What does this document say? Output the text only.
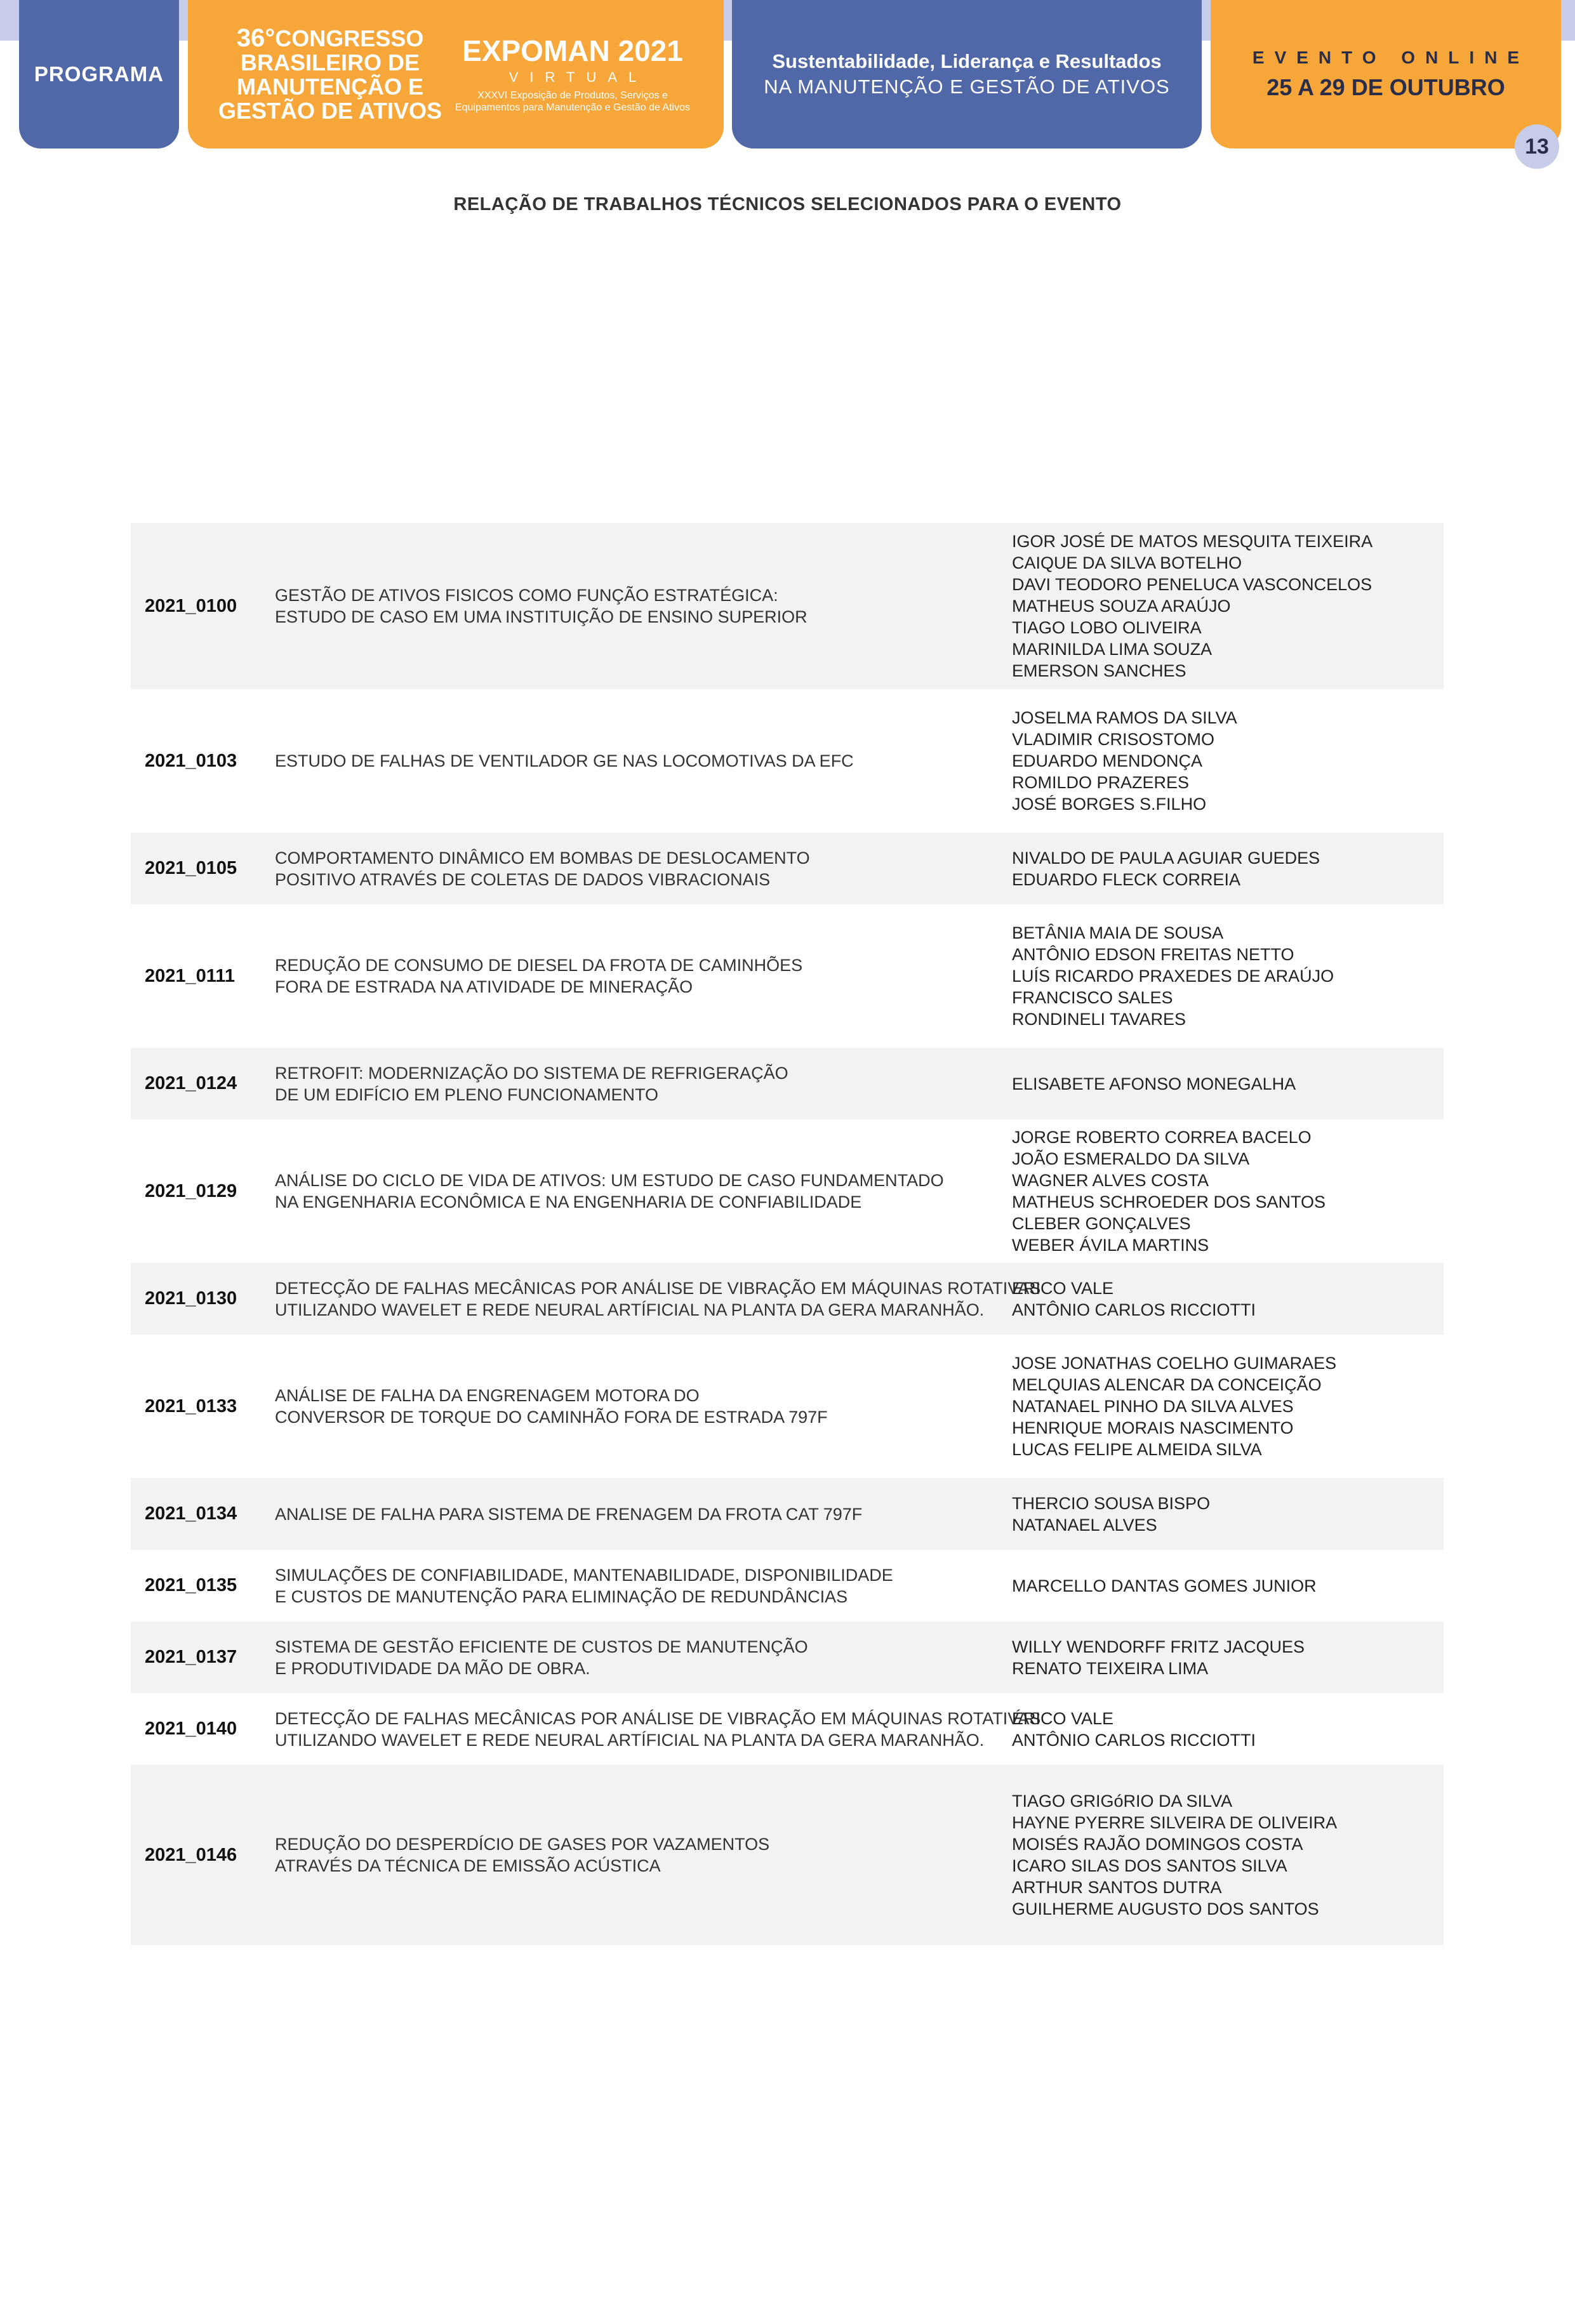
PROGRAMA
36°CONGRESSO
BRASILEIRO DE
MANUTENÇÃO E
GESTÃO DE ATIVOS
EXPOMAN 2021
VIRTUAL
XXXVI Exposição de Produtos, Serviços e Equipamentos para Manutenção e Gestão de Ativos
Sustentabilidade, Liderança e Resultados
NA MANUTENÇÃO E GESTÃO DE ATIVOS
EVENTO ONLINE
25 A 29 DE OUTUBRO
13
RELAÇÃO DE TRABALHOS TÉCNICOS SELECIONADOS PARA O EVENTO
2021_0100
GESTÃO DE ATIVOS FISICOS COMO FUNÇÃO ESTRATÉGICA:
ESTUDO DE CASO EM UMA INSTITUIÇÃO DE ENSINO SUPERIOR
IGOR JOSÉ DE MATOS MESQUITA TEIXEIRA
CAIQUE DA SILVA BOTELHO
DAVI TEODORO PENELUCA VASCONCELOS
MATHEUS SOUZA ARAÚJO
TIAGO LOBO OLIVEIRA
MARINILDA LIMA SOUZA
EMERSON SANCHES
2021_0103	ESTUDO DE FALHAS DE VENTILADOR GE NAS LOCOMOTIVAS DA EFC
JOSELMA RAMOS DA SILVA
VLADIMIR CRISOSTOMO
EDUARDO MENDONÇA
ROMILDO PRAZERES
JOSÉ BORGES S.FILHO
2021_0105
COMPORTAMENTO DINÂMICO EM BOMBAS DE DESLOCAMENTO
POSITIVO ATRAVÉS DE COLETAS DE DADOS VIBRACIONAIS
NIVALDO DE PAULA AGUIAR GUEDES
EDUARDO FLECK CORREIA
2021_0111
REDUÇÃO DE CONSUMO DE DIESEL DA FROTA DE CAMINHÕES
FORA DE ESTRADA NA ATIVIDADE DE MINERAÇÃO
BETÂNIA MAIA DE SOUSA
ANTÔNIO EDSON FREITAS NETTO
LUÍS RICARDO PRAXEDES DE ARAÚJO
FRANCISCO SALES
RONDINELI TAVARES
2021_0124
RETROFIT: MODERNIZAÇÃO DO SISTEMA DE REFRIGERAÇÃO
DE UM EDIFÍCIO EM PLENO FUNCIONAMENTO
ELISABETE AFONSO MONEGALHA
2021_0129
ANÁLISE DO CICLO DE VIDA DE ATIVOS: UM ESTUDO DE CASO FUNDAMENTADO
NA ENGENHARIA ECONÔMICA E NA ENGENHARIA DE CONFIABILIDADE
JORGE ROBERTO CORREA BACELO
JOÃO ESMERALDO DA SILVA
WAGNER ALVES COSTA
MATHEUS SCHROEDER DOS SANTOS
CLEBER GONÇALVES
WEBER ÁVILA MARTINS
2021_0130
DETECÇÃO DE FALHAS MECÂNICAS POR ANÁLISE DE VIBRAÇÃO EM MÁQUINAS ROTATIVAS
UTILIZANDO WAVELET E REDE NEURAL ARTÍFICIAL NA PLANTA DA GERA MARANHÃO.
ERICO VALE
ANTÔNIO CARLOS RICCIOTTI
2021_0133
ANÁLISE DE FALHA DA ENGRENAGEM MOTORA DO
CONVERSOR DE TORQUE DO CAMINHÃO FORA DE ESTRADA 797F
JOSE JONATHAS COELHO GUIMARAES
MELQUIAS ALENCAR DA CONCEIÇÃO
NATANAEL PINHO DA SILVA ALVES
HENRIQUE MORAIS NASCIMENTO
LUCAS FELIPE ALMEIDA SILVA
2021_0134	ANALISE DE FALHA PARA SISTEMA DE FRENAGEM DA FROTA CAT 797F
THERCIO SOUSA BISPO
NATANAEL ALVES
2021_0135
SIMULAÇÕES DE CONFIABILIDADE, MANTENABILIDADE, DISPONIBILIDADE
E CUSTOS DE MANUTENÇÃO PARA ELIMINAÇÃO DE REDUNDÂNCIAS
MARCELLO DANTAS GOMES JUNIOR
2021_0137
SISTEMA DE GESTÃO EFICIENTE DE CUSTOS DE MANUTENÇÃO
E PRODUTIVIDADE DA MÃO DE OBRA.
WILLY WENDORFF FRITZ JACQUES
RENATO TEIXEIRA LIMA
2021_0140
DETECÇÃO DE FALHAS MECÂNICAS POR ANÁLISE DE VIBRAÇÃO EM MÁQUINAS ROTATIVAS
UTILIZANDO WAVELET E REDE NEURAL ARTÍFICIAL NA PLANTA DA GERA MARANHÃO.
ÉRICO VALE
ANTÔNIO CARLOS RICCIOTTI
2021_0146
REDUÇÃO DO DESPERDÍCIO DE GASES POR VAZAMENTOS
ATRAVÉS DA TÉCNICA DE EMISSÃO ACÚSTICA
TIAGO GRIGóRIO DA SILVA
HAYNE PYERRE SILVEIRA DE OLIVEIRA
MOISÉS RAJÃO DOMINGOS COSTA
ICARO SILAS DOS SANTOS SILVA
ARTHUR SANTOS DUTRA
GUILHERME AUGUSTO DOS SANTOS
